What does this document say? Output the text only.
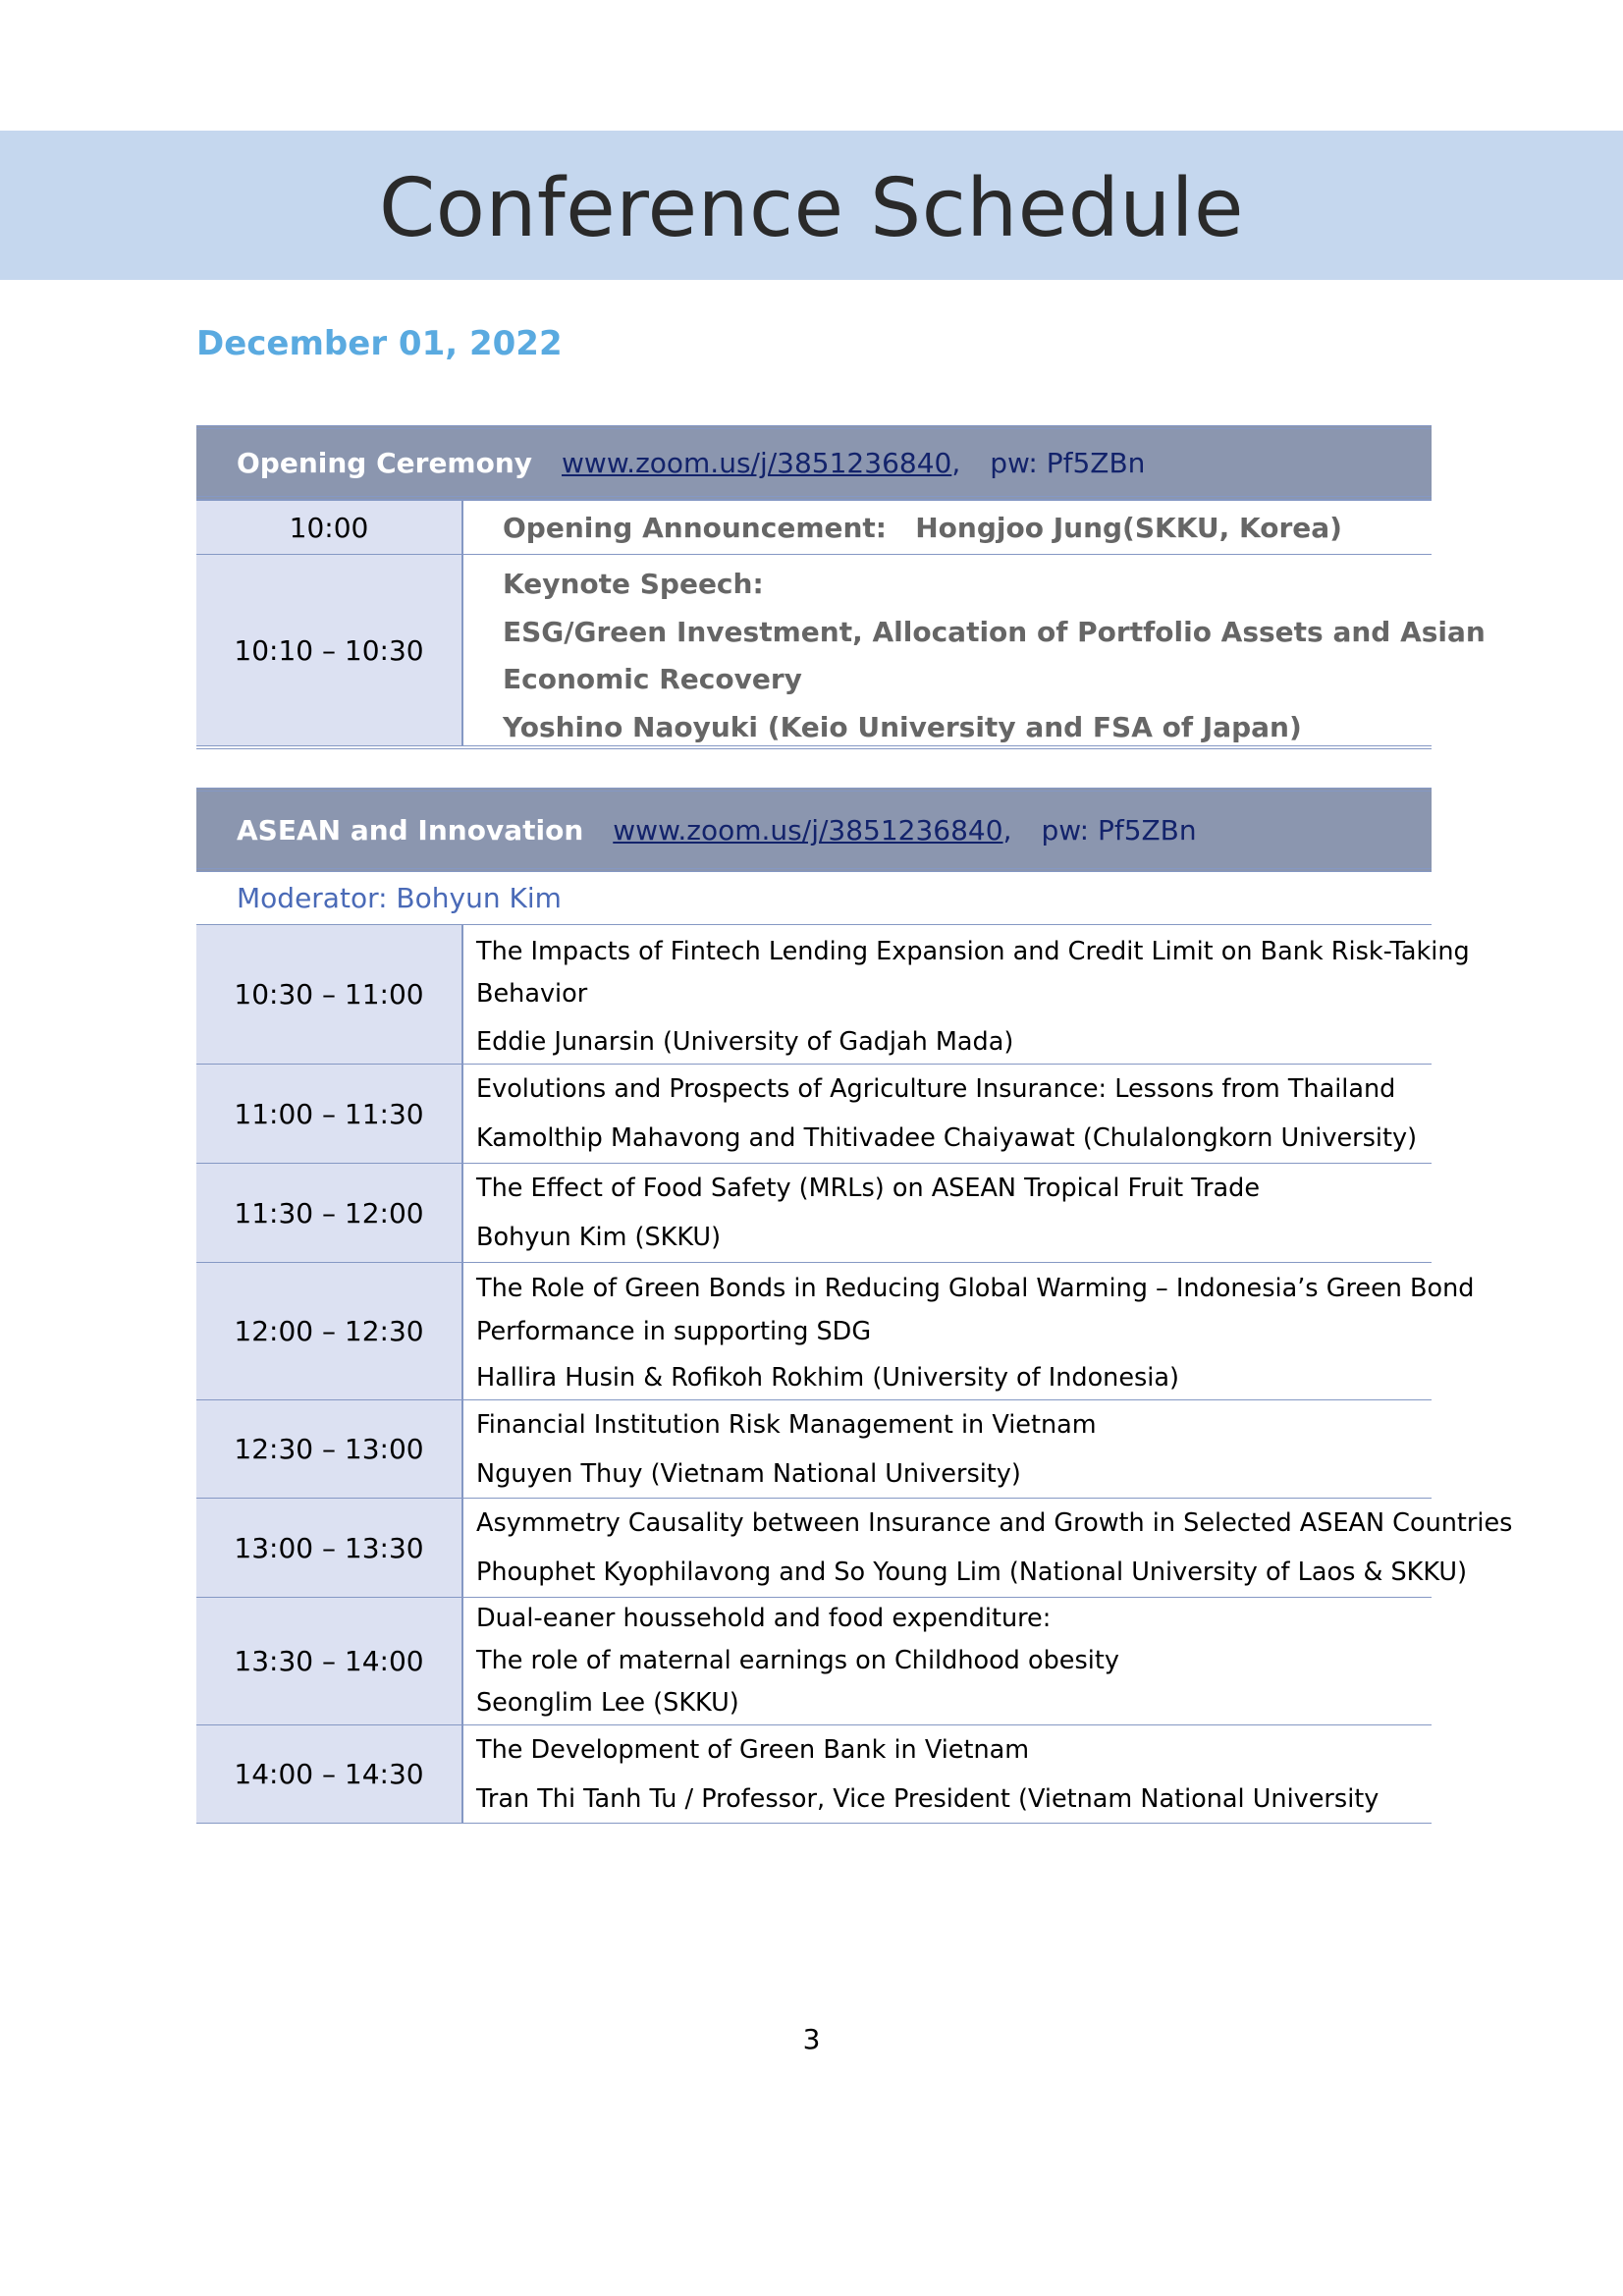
Conference Schedule
December 01, 2022
Opening Ceremony www.zoom.us/j/3851236840 , pw: Pf5ZBn
10:00	Opening Announcement:   Hongjoo Jung(SKKU, Korea)
10:10 – 10:30
Keynote Speech:
ESG/Green Investment, Allocation of Portfolio Assets and Asian
Economic Recovery
Yoshino Naoyuki (Keio University and FSA of Japan)
ASEAN and Innovation www.zoom.us/j/3851236840 , pw: Pf5ZBn
Moderator: Bohyun Kim
10:30 – 11:00
The Impacts of Fintech Lending Expansion and Credit Limit on Bank Risk-Taking
Behavior
Eddie Junarsin (University of Gadjah Mada)
11:00 – 11:30
Evolutions and Prospects of Agriculture Insurance: Lessons from Thailand
Kamolthip Mahavong and Thitivadee Chaiyawat (Chulalongkorn University)
11:30 – 12:00
The Effect of Food Safety (MRLs) on ASEAN Tropical Fruit Trade
Bohyun Kim (SKKU)
12:00 – 12:30
The Role of Green Bonds in Reducing Global Warming – Indonesia’s Green Bond
Performance in supporting SDG
Hallira Husin & Rofikoh Rokhim (University of Indonesia)
12:30 – 13:00
Financial Institution Risk Management in Vietnam
Nguyen Thuy (Vietnam National University)
13:00 – 13:30
Asymmetry Causality between Insurance and Growth in Selected ASEAN Countries
Phouphet Kyophilavong and So Young Lim (National University of Laos & SKKU)
13:30 – 14:00
Dual-eaner houssehold and food expenditure:
The role of maternal earnings on Childhood obesity
Seonglim Lee (SKKU)
14:00 – 14:30
The Development of Green Bank in Vietnam
Tran Thi Tanh Tu / Professor, Vice President (Vietnam National University
3
